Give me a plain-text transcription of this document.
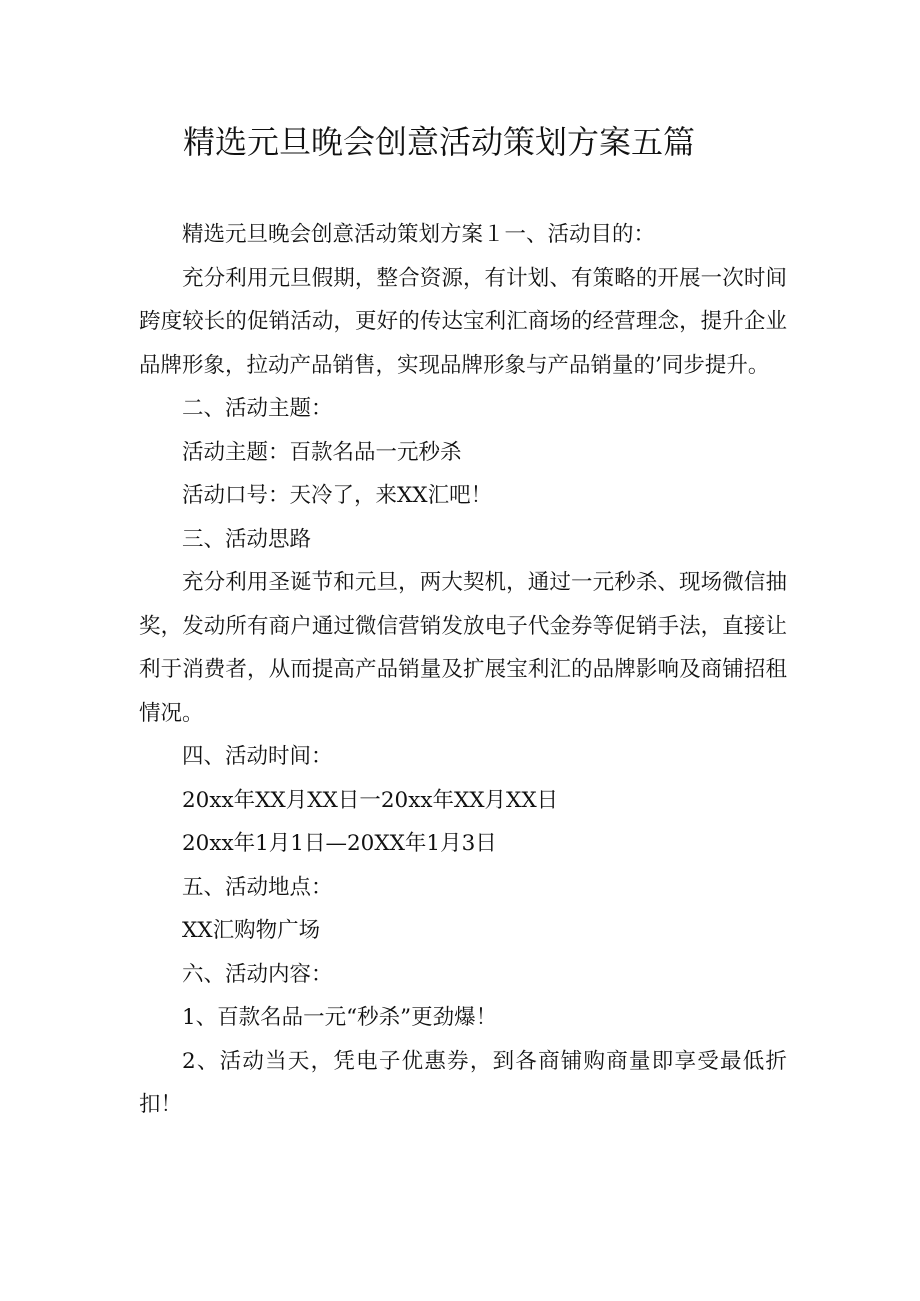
精选元旦晚会创意活动策划方案五篇

精选元旦晚会创意活动策划方案１一、活动目的：

充分利用元旦假期，整合资源，有计划、有策略的开展一次时间跨度较长的促销活动，更好的传达宝利汇商场的经营理念，提升企业品牌形象，拉动产品销售，实现品牌形象与产品销量的’同步提升。

二、活动主题：

活动主题：百款名品一元秒杀

活动口号：天冷了，来XX汇吧！

三、活动思路

充分利用圣诞节和元旦，两大契机，通过一元秒杀、现场微信抽奖，发动所有商户通过微信营销发放电子代金券等促销手法，直接让利于消费者，从而提高产品销量及扩展宝利汇的品牌影响及商铺招租情况。

四、活动时间：

20xx年XX月XX日一20xx年XX月XX日

20xx年1月1日—20XX年1月3日

五、活动地点：

XX汇购物广场

六、活动内容：

1、百款名品一元“秒杀”更劲爆！

2、活动当天，凭电子优惠券，到各商铺购商量即享受最低折扣！
